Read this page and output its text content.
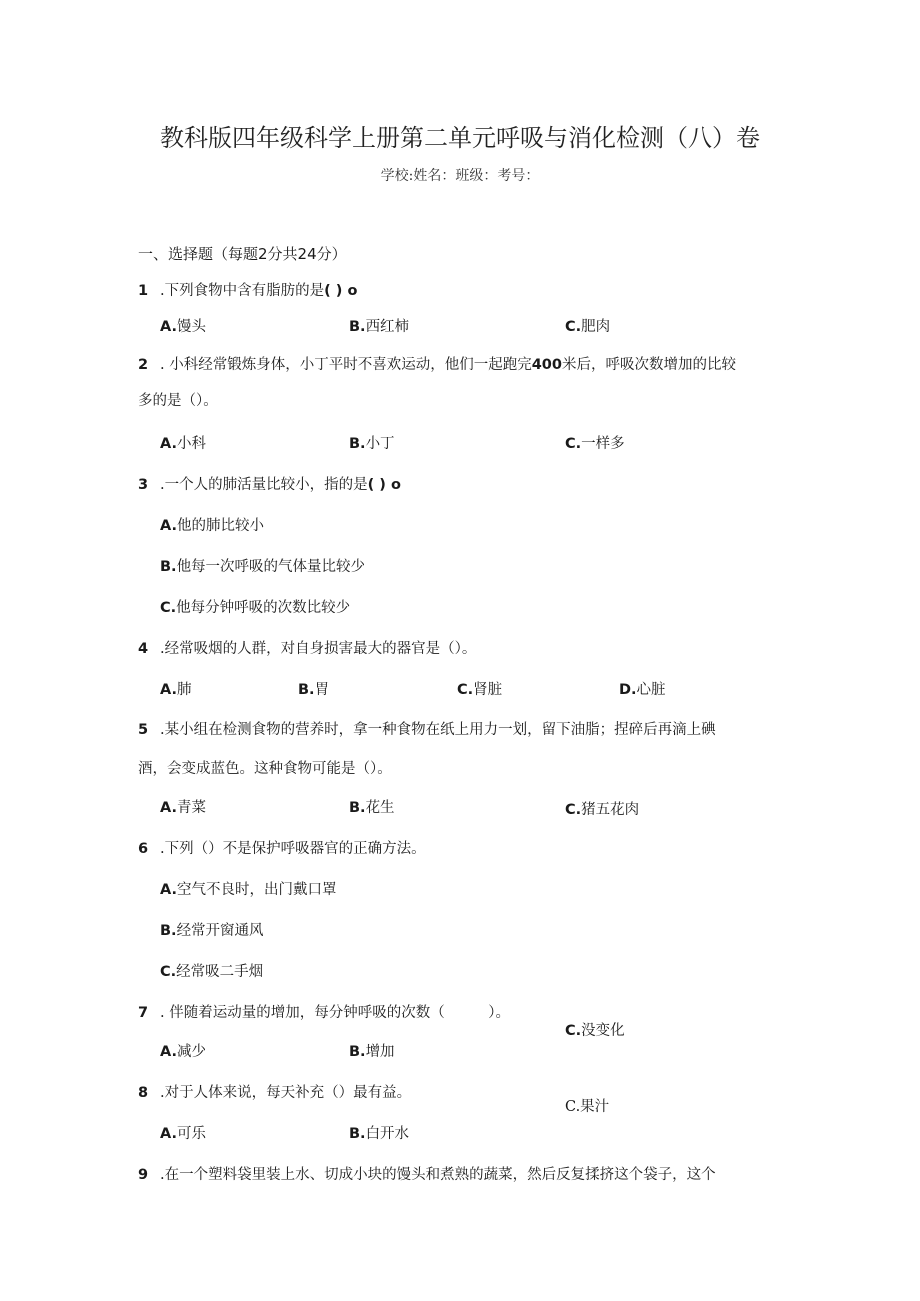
教科版四年级科学上册第二单元呼吸与消化检测（八）卷
学校:姓名：班级：考号：
一、选择题（每题2分共24分）
1 .下列食物中含有脂肪的是( ) o
A.馒头	B.西红柿	C.肥肉
2 . 小科经常锻炼身体，小丁平时不喜欢运动，他们一起跑完400米后，呼吸次数增加的比较
多的是（）。
A.小科	B.小丁	C.一样多
3 .一个人的肺活量比较小，指的是( ) o
A.他的肺比较小
B.他每一次呼吸的气体量比较少
C.他每分钟呼吸的次数比较少
4 .经常吸烟的人群，对自身损害最大的器官是（）。
A.肺	B.胃	C.肾脏	D.心脏
5 .某小组在检测食物的营养时，拿一种食物在纸上用力一划，留下油脂；捏碎后再滴上碘
酒，会变成蓝色。这种食物可能是（）。
A.青菜	B.花生	C.猪五花肉
6 .下列（）不是保护呼吸器官的正确方法。
A.空气不良时，出门戴口罩
B.经常开窗通风
C.经常吸二手烟
7 . 伴随着运动量的增加，每分钟呼吸的次数（　　　）。
C.没变化
A.减少	B.增加
8 .对于人体来说，每天补充（）最有益。
C.果汁
A.可乐	B.白开水
9 .在一个塑料袋里装上水、切成小块的馒头和煮熟的蔬菜，然后反复揉挤这个袋子，这个
